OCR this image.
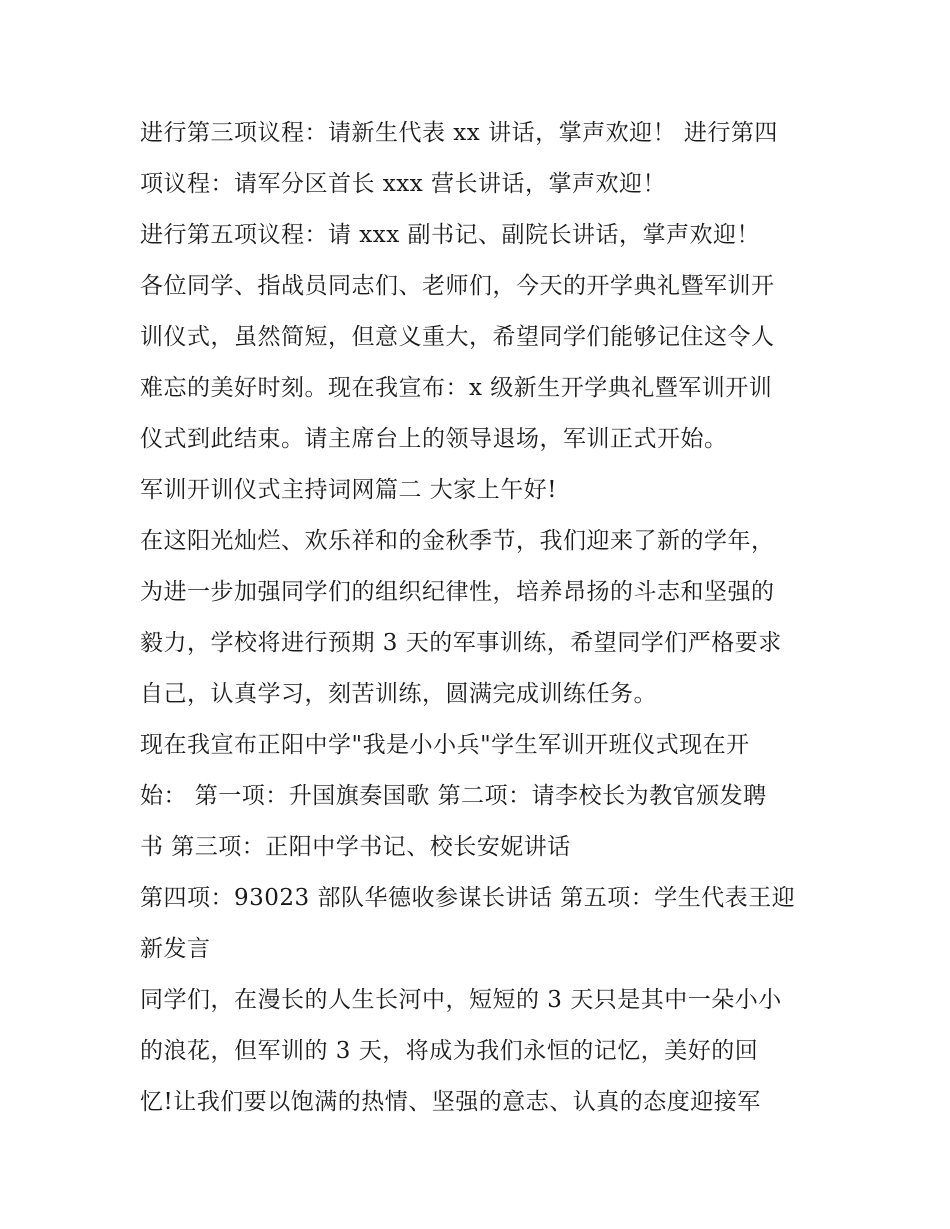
进行第三项议程：请新生代表 xx 讲话，掌声欢迎！ 进行第四

项议程：请军分区首长 xxx 营长讲话，掌声欢迎！

进行第五项议程：请 xxx 副书记、副院长讲话，掌声欢迎！

各位同学、指战员同志们、老师们，今天的开学典礼暨军训开

训仪式，虽然简短，但意义重大，希望同学们能够记住这令人

难忘的美好时刻。现在我宣布：x 级新生开学典礼暨军训开训

仪式到此结束。请主席台上的领导退场，军训正式开始。

军训开训仪式主持词网篇二 大家上午好!

在这阳光灿烂、欢乐祥和的金秋季节，我们迎来了新的学年，

为进一步加强同学们的组织纪律性，培养昂扬的斗志和坚强的

毅力，学校将进行预期 3 天的军事训练，希望同学们严格要求

自己，认真学习，刻苦训练，圆满完成训练任务。

现在我宣布正阳中学"我是小小兵"学生军训开班仪式现在开

始： 第一项：升国旗奏国歌 第二项：请李校长为教官颁发聘

书 第三项：正阳中学书记、校长安妮讲话

第四项：93023 部队华德收参谋长讲话 第五项：学生代表王迎

新发言

同学们，在漫长的人生长河中，短短的 3 天只是其中一朵小小

的浪花，但军训的 3 天，将成为我们永恒的记忆，美好的回

忆!让我们要以饱满的热情、坚强的意志、认真的态度迎接军
